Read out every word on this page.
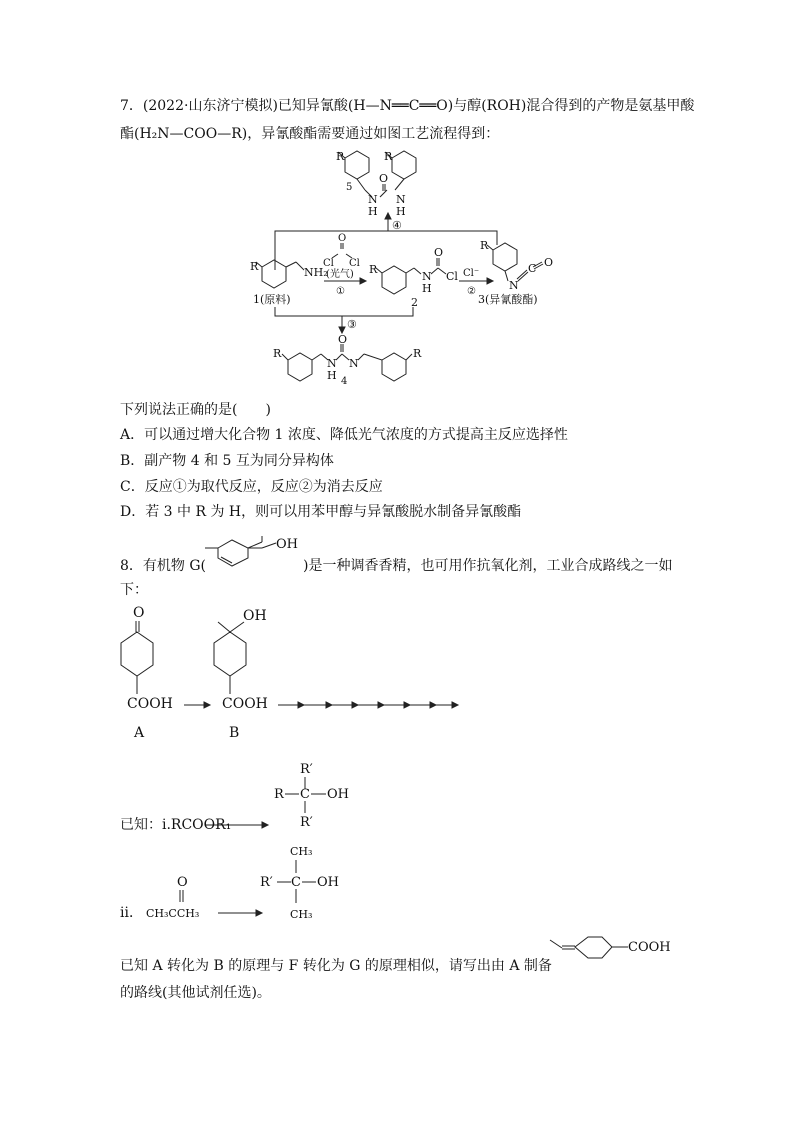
7．(2022·山东济宁模拟)已知异氰酸(H—N══C══O)与醇(ROH)混合得到的产物是氨基甲酸
酯(H₂N—COO—R)，异氰酸酯需要通过如图工艺流程得到：
R	R
5
O
N N
H H
④
R	NH₂
1(原料)
O
Cl Cl
(光气)
①
R
N
H
O
Cl
2
Cl⁻
②
R
N
C O
3(异氰酸酯)
③
R	R
O
N N
H 4
下列说法正确的是(　　)
A．可以通过增大化合物 1 浓度、降低光气浓度的方式提高主反应选择性
B．副产物 4 和 5 互为同分异构体
C．反应①为取代反应，反应②为消去反应
D．若 3 中 R 为 H，则可以用苯甲醇与异氰酸脱水制备异氰酸酯
8．有机物 G(	)是一种调香香精，也可用作抗氧化剂，工业合成路线之一如
下：
OH
O
COOH
A
OH
COOH
B
R′
R C OH
R′
O
CH₃
R′ C OH
CH₃
COOH
已知：ⅰ.RCOOR₁
ⅱ． CH₃CCH₃
已知 A 转化为 B 的原理与 F 转化为 G 的原理相似，请写出由 A 制备
的路线(其他试剂任选)。
